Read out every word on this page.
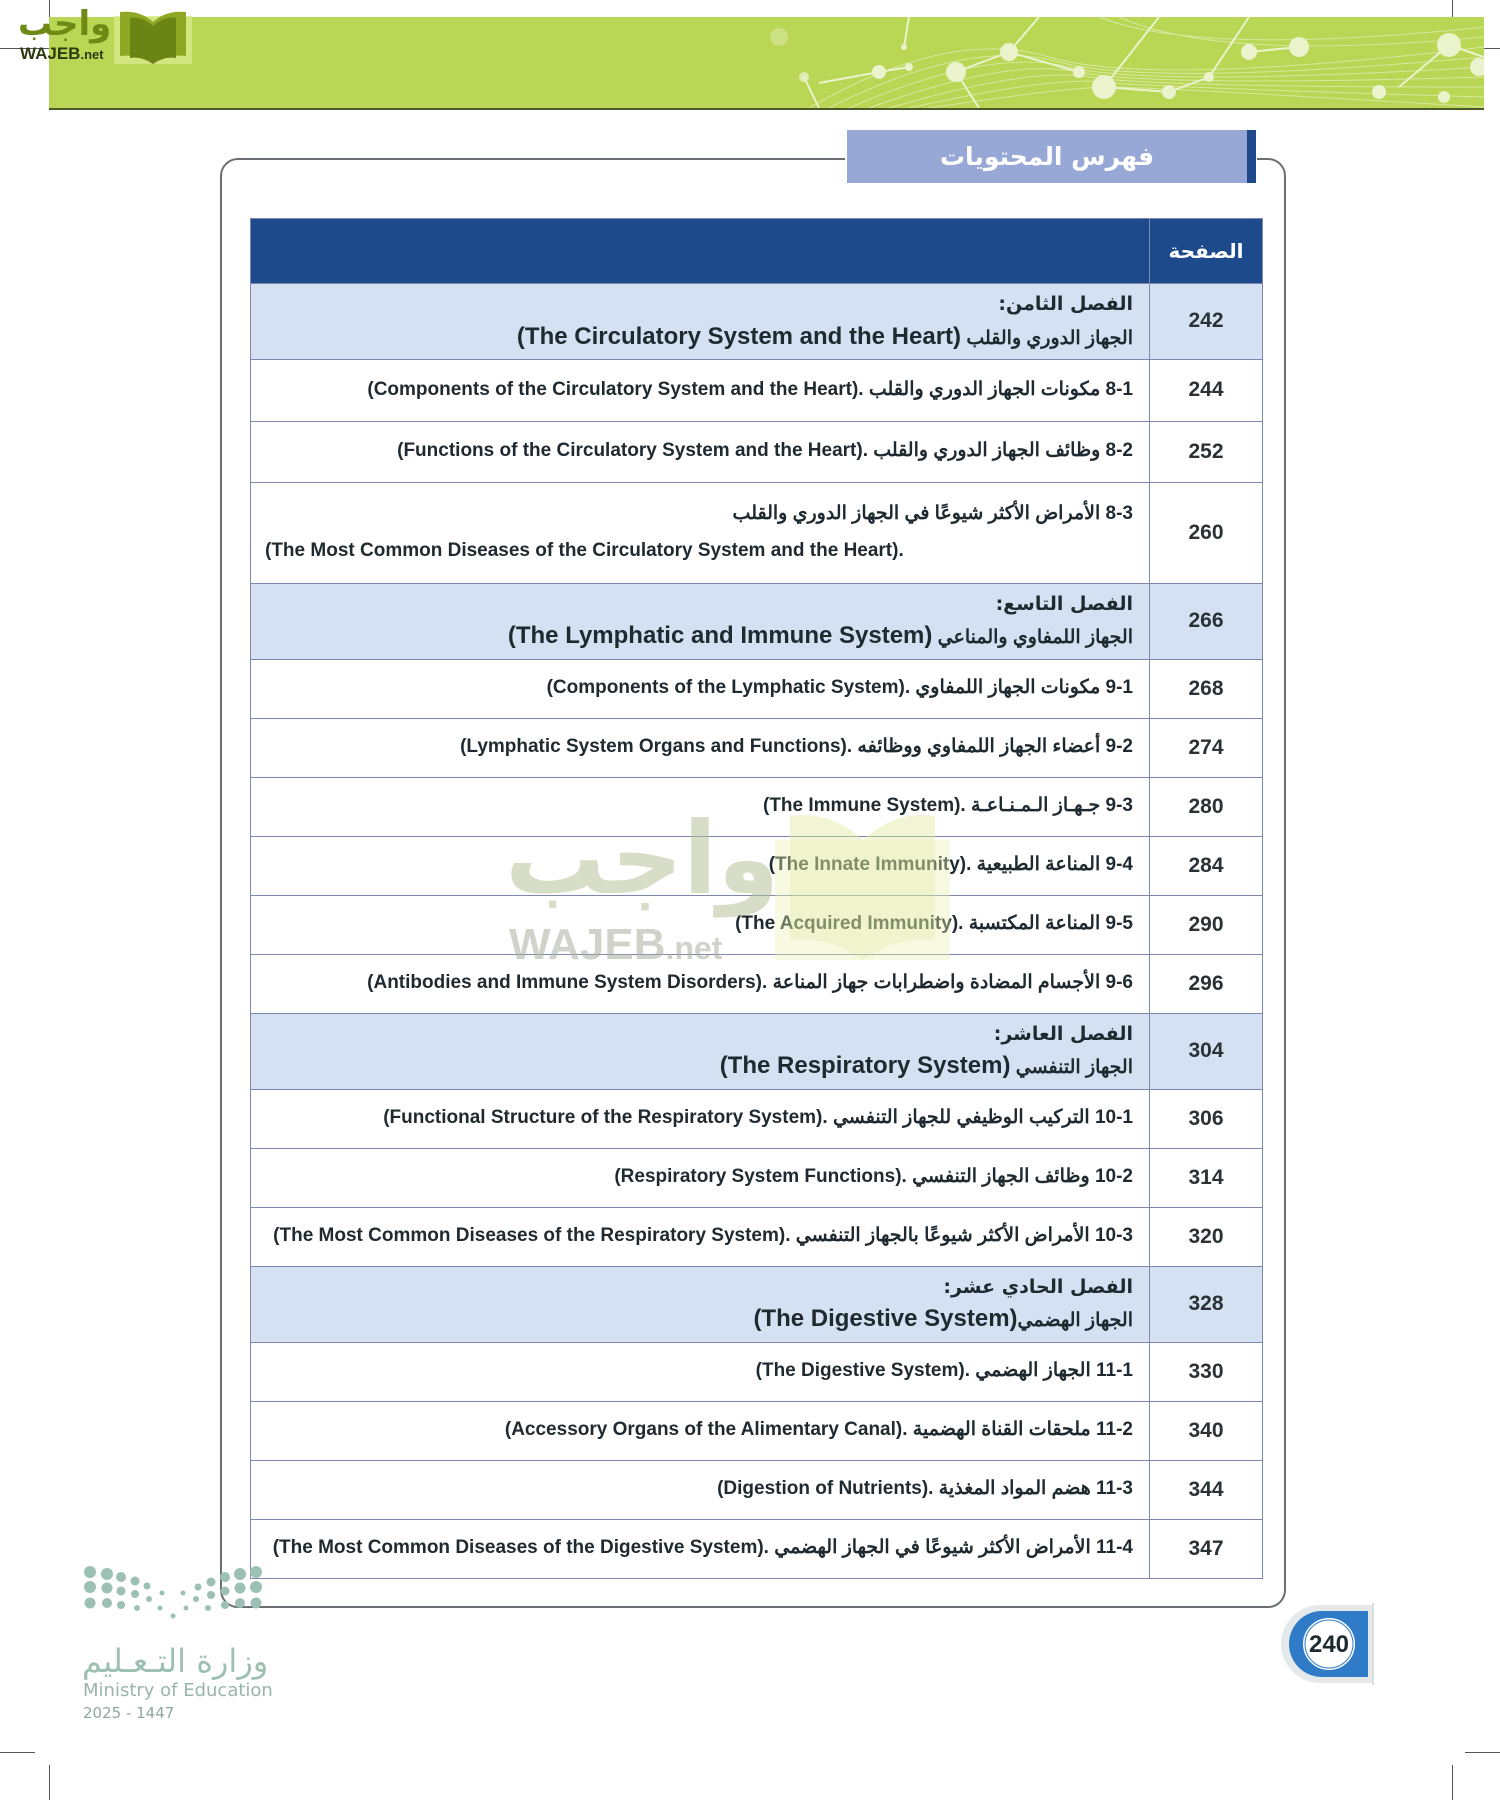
واجب
WAJEB.net
فهرس المحتويات
الصفحة	
242	الفصل الثامن:
الجهاز الدوري والقلب (The Circulatory System and the Heart)

244	8-1 مكونات الجهاز الدوري والقلب (Components of the Circulatory System and the Heart).
252	8-2 وظائف الجهاز الدوري والقلب (Functions of the Circulatory System and the Heart).
260	8-3 الأمراض الأكثر شيوعًا في الجهاز الدوري والقلب
(The Most Common Diseases of the Circulatory System and the Heart).

266	الفصل التاسع:
الجهاز اللمفاوي والمناعي (The Lymphatic and Immune System)

268	9-1 مكونات الجهاز اللمفاوي (Components of the Lymphatic System).
274	9-2 أعضاء الجهاز اللمفاوي ووظائفه (Lymphatic System Organs and Functions).
280	9-3 جـهـاز الـمـنـاعـة (The Immune System).
284	9-4 المناعة الطبيعية (The Innate Immunity).
290	9-5 المناعة المكتسبة (The Acquired Immunity).
296	9-6 الأجسام المضادة واضطرابات جهاز المناعة (Antibodies and Immune System Disorders).
304	الفصل العاشر:
الجهاز التنفسي (The Respiratory System)

306	10-1 التركيب الوظيفي للجهاز التنفسي (Functional Structure of the Respiratory System).
314	10-2 وظائف الجهاز التنفسي (Respiratory System Functions).
320	10-3 الأمراض الأكثر شيوعًا بالجهاز التنفسي (The Most Common Diseases of the Respiratory System).
328	الفصل الحادي عشر:
الجهاز الهضمي(The Digestive System)

330	11-1 الجهاز الهضمي (The Digestive System).
340	11-2 ملحقات القناة الهضمية (Accessory Organs of the Alimentary Canal).
344	11-3 هضم المواد المغذية (Digestion of Nutrients).
347	11-4 الأمراض الأكثر شيوعًا في الجهاز الهضمي (The Most Common Diseases of the Digestive System).
واجب
WAJEB.net
وزارة التـعـليم
Ministry of Education
2025 - 1447
240
